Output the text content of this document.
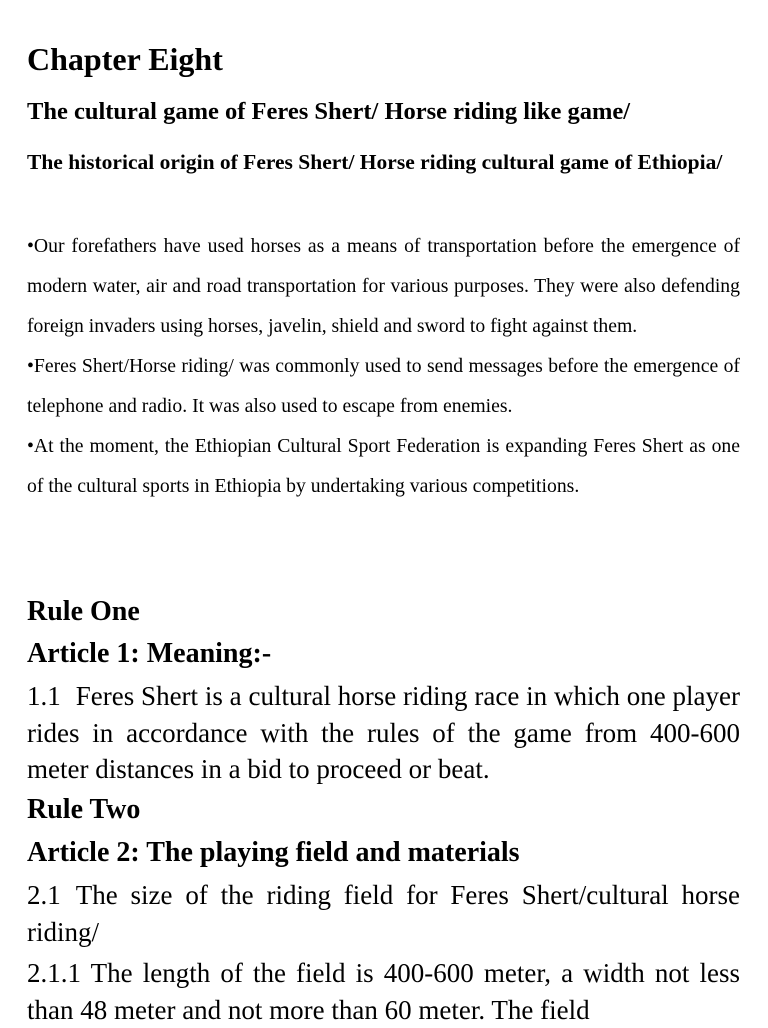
Chapter Eight
The cultural game of Feres Shert/ Horse riding like game/
The historical origin of Feres Shert/ Horse riding cultural game of Ethiopia/

•Our forefathers have used horses as a means of transportation before the emergence of modern water, air and road transportation for various purposes. They were also defending foreign invaders using horses, javelin, shield and sword to fight against them.

•Feres Shert/Horse riding/ was commonly used to send messages before the emergence of telephone and radio. It was also used to escape from enemies.

•At the moment, the Ethiopian Cultural Sport Federation is expanding Feres Shert as one of the cultural sports in Ethiopia by undertaking various competitions.

Rule One
Article 1: Meaning:-

1.1 Feres Shert is a cultural horse riding race in which one player rides in accordance with the rules of the game from 400-600 meter distances in a bid to proceed or beat.

Rule Two
Article 2: The playing field and materials

2.1 The size of the riding field for Feres Shert/cultural horse riding/

2.1.1 The length of the field is 400-600 meter, a width not less than 48 meter and not more than 60 meter. The field
